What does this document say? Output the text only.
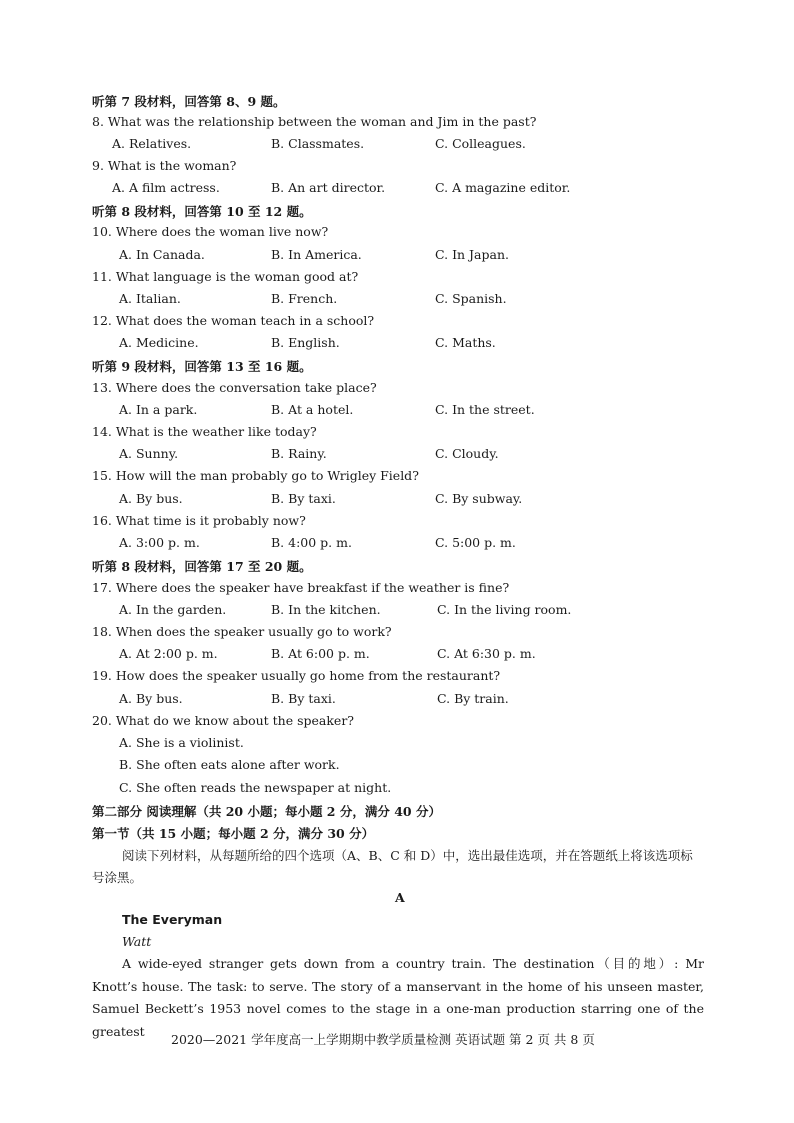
听第 7 段材料，回答第 8、9 题。
8. What was the relationship between the woman and Jim in the past?
A. Relatives.	B. Classmates.	C. Colleagues.
9. What is the woman?
A. A film actress.	B. An art director.	C. A magazine editor.
听第 8 段材料，回答第 10 至 12 题。
10. Where does the woman live now?
A. In Canada.	B. In America.	C. In Japan.
11. What language is the woman good at?
A. Italian.	B. French.	C. Spanish.
12. What does the woman teach in a school?
A. Medicine.	B. English.	C. Maths.
听第 9 段材料，回答第 13 至 16 题。
13. Where does the conversation take place?
A. In a park.	B. At a hotel.	C. In the street.
14. What is the weather like today?
A. Sunny.	B. Rainy.	C. Cloudy.
15. How will the man probably go to Wrigley Field?
A. By bus.	B. By taxi.	C. By subway.
16. What time is it probably now?
A. 3:00 p. m.	B. 4:00 p. m.	C. 5:00 p. m.
听第 8 段材料，回答第 17 至 20 题。
17. Where does the speaker have breakfast if the weather is fine?
A. In the garden.	B. In the kitchen.	C. In the living room.
18. When does the speaker usually go to work?
A. At 2:00 p. m.	B. At 6:00 p. m.	C. At 6:30 p. m.
19. How does the speaker usually go home from the restaurant?
A. By bus.	B. By taxi.	C. By train.
20. What do we know about the speaker?
A. She is a violinist.
B. She often eats alone after work.
C. She often reads the newspaper at night.
第二部分 阅读理解（共 20 小题；每小题 2 分，满分 40 分）
第一节（共 15 小题；每小题 2 分，满分 30 分）
阅读下列材料，从每题所给的四个选项（A、B、C 和 D）中，选出最佳选项，并在答题纸上将该选项标
号涂黑。
A
The Everyman
Watt
A wide-eyed stranger gets down from a country train. The destination（目的地）: Mr Knott’s house. The task: to serve. The story of a manservant in the home of his unseen master, Samuel Beckett’s 1953 novel comes to the stage in a one-man production starring one of the greatest
2020—2021 学年度高一上学期期中教学质量检测 英语试题 第 2 页 共 8 页
